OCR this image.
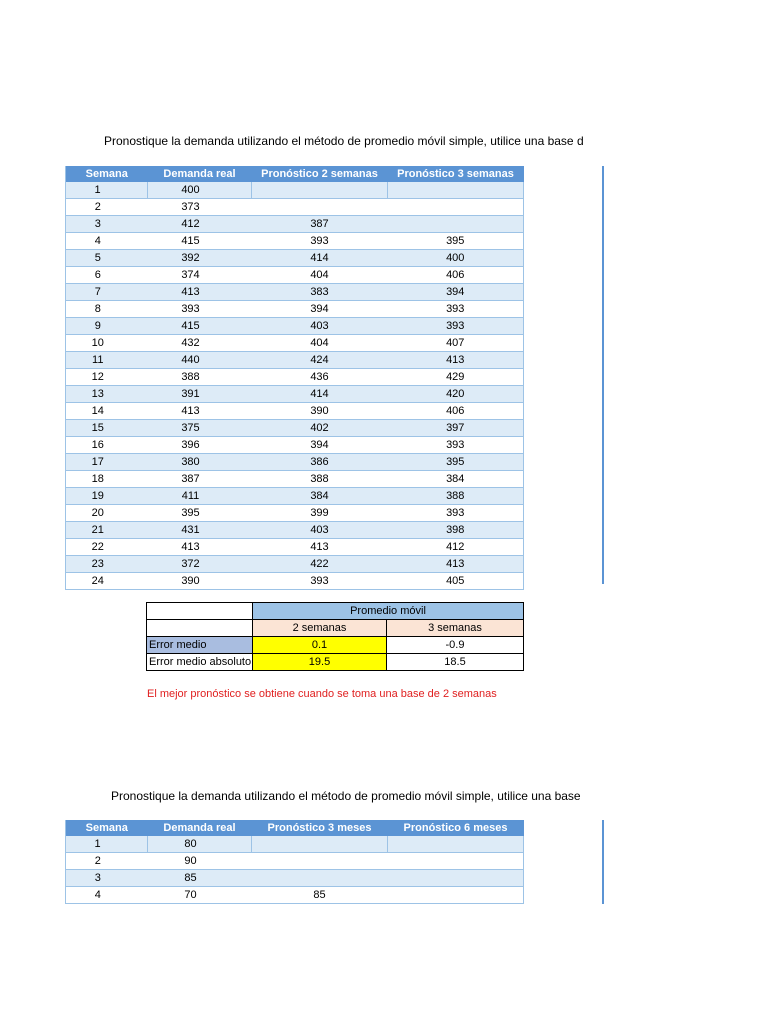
Pronostique la demanda utilizando el método de promedio móvil simple, utilice una base d
Semana	Demanda real	Pronóstico 2 semanas	Pronóstico 3 semanas
1	400		
2	373		
3	412	387	
4	415	393	395
5	392	414	400
6	374	404	406
7	413	383	394
8	393	394	393
9	415	403	393
10	432	404	407
11	440	424	413
12	388	436	429
13	391	414	420
14	413	390	406
15	375	402	397
16	396	394	393
17	380	386	395
18	387	388	384
19	411	384	388
20	395	399	393
21	431	403	398
22	413	413	412
23	372	422	413
24	390	393	405
	Promedio móvil	
	2 semanas	3 semanas
Error medio	0.1	-0.9
Error medio absoluto	19.5	18.5
El mejor pronóstico se obtiene cuando se toma una base de 2 semanas
Pronostique la demanda utilizando el método de promedio móvil simple, utilice una base
Semana	Demanda real	Pronóstico 3 meses	Pronóstico 6 meses
1	80		
2	90		
3	85		
4	70	85	
